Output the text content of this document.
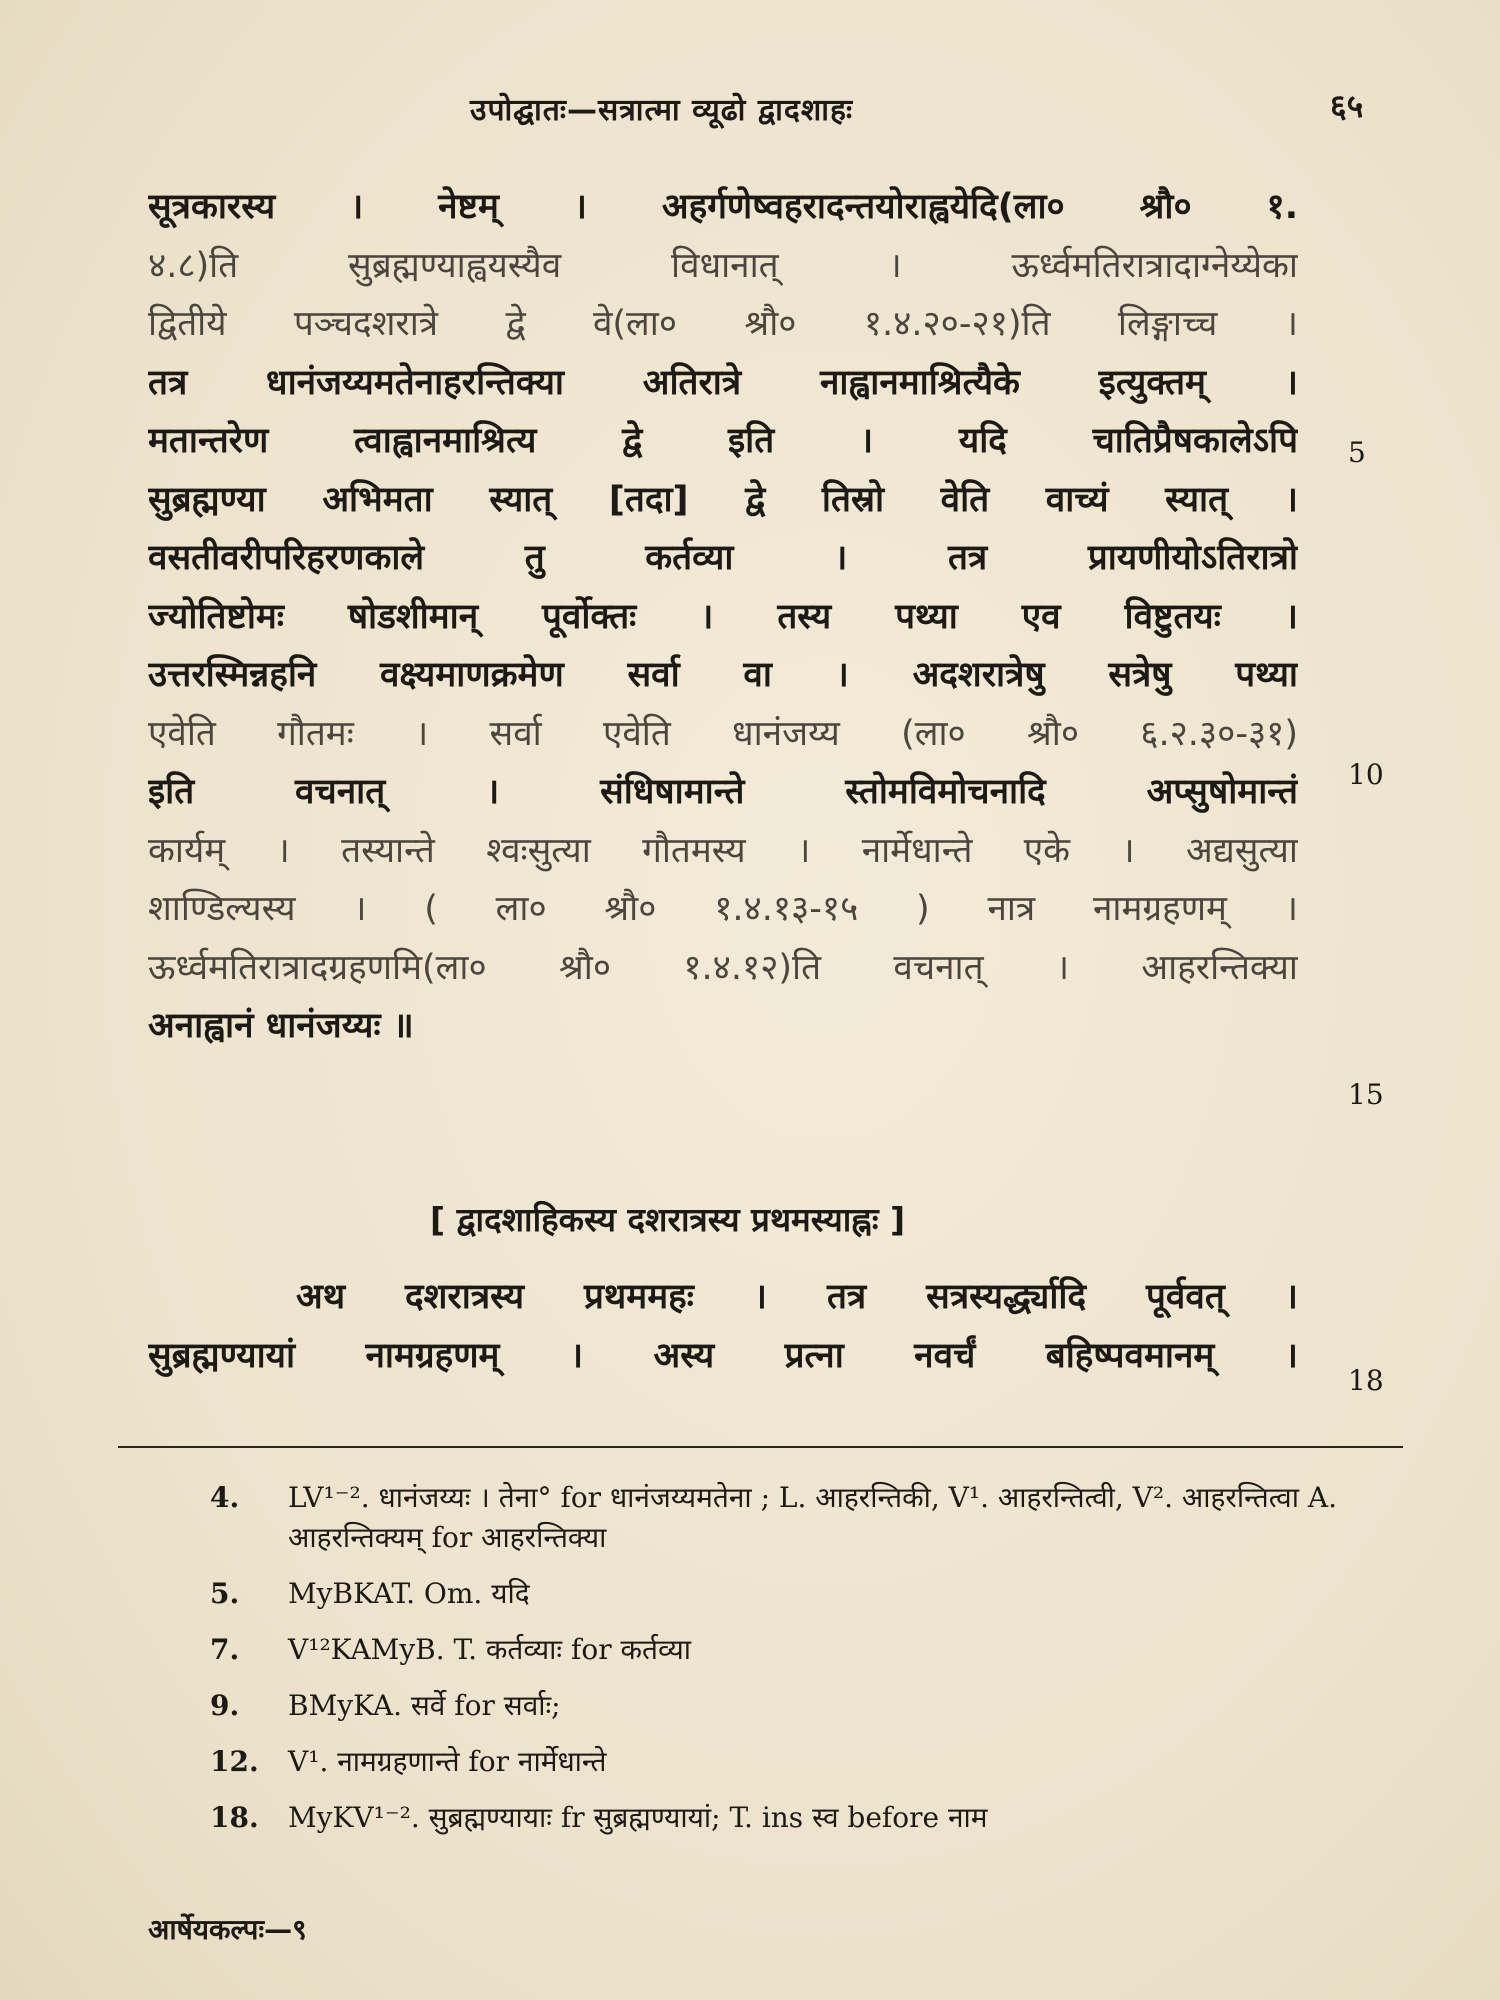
उपोद्घातः—सत्रात्मा व्यूढो द्वादशाहः	६५
सूत्रकारस्य । नेष्टम् । अहर्गणेष्वहरादन्तयोराह्वयेदि(ला० श्रौ० १.
४.८)ति सुब्रह्मण्याह्वयस्यैव विधानात् । ऊर्ध्वमतिरात्रादाग्नेय्येका
द्वितीये पञ्चदशरात्रे द्वे वे(ला० श्रौ० १.४.२०-२१)ति लिङ्गाच्च ।
तत्र धानंजय्यमतेनाहरन्तिक्या अतिरात्रे नाह्वानमाश्रित्यैके इत्युक्तम् ।
मतान्तरेण त्वाह्वानमाश्रित्य द्वे इति । यदि चातिप्रैषकालेऽपि
सुब्रह्मण्या अभिमता स्यात् [तदा] द्वे तिस्रो वेति वाच्यं स्यात् ।
वसतीवरीपरिहरणकाले तु कर्तव्या । तत्र प्रायणीयोऽतिरात्रो
ज्योतिष्टोमः षोडशीमान् पूर्वोक्तः । तस्य पथ्या एव विष्टुतयः ।
उत्तरस्मिन्नहनि वक्ष्यमाणक्रमेण सर्वा वा । अदशरात्रेषु सत्रेषु पथ्या
एवेति गौतमः । सर्वा एवेति धानंजय्य (ला० श्रौ० ६.२.३०-३१)
इति वचनात् । संधिषामान्ते स्तोमविमोचनादि अप्सुषोमान्तं
कार्यम् । तस्यान्ते श्वःसुत्या गौतमस्य । नार्मेधान्ते एके । अद्यसुत्या
शाण्डिल्यस्य । ( ला० श्रौ० १.४.१३-१५ ) नात्र नामग्रहणम् ।
ऊर्ध्वमतिरात्रादग्रहणमि(ला० श्रौ० १.४.१२)ति वचनात् । आहरन्तिक्या
अनाह्वानं धानंजय्यः ॥
5
10
15
[ द्वादशाहिकस्य दशरात्रस्य प्रथमस्याह्नः ]
अथ दशरात्रस्य प्रथममहः । तत्र सत्रस्यर्द्ध्यादि पूर्ववत् ।
सुब्रह्मण्यायां नामग्रहणम् । अस्य प्रत्ना नवर्चं बहिष्पवमानम् ।
18
4.	LV¹⁻². धानंजय्यः । तेना° for धानंजय्यमतेना ; L. आहरन्तिकी, V¹. आहरन्तित्वी, V². आहरन्तित्वा A. आहरन्तिक्यम् for आहरन्तिक्या
5.	MyBKAT. Om. यदि
7.	V¹²KAMyB. T. कर्तव्याः for कर्तव्या
9.	BMyKA. सर्वे for सर्वाः;
12.	V¹. नामग्रहणान्ते for नार्मेधान्ते
18.	MyKV¹⁻². सुब्रह्मण्यायाः fr सुब्रह्मण्यायां; T. ins स्व before नाम
आर्षेयकल्पः—९
